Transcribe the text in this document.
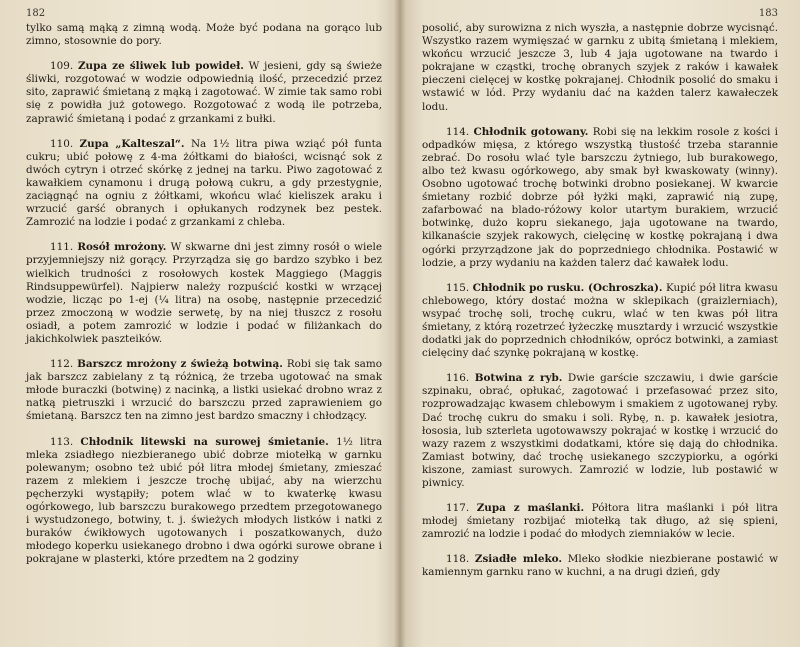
182

tylko samą mąką z zimną wodą. Może być podana na gorąco lub zimno, stosownie do pory.

109. Zupa ze śliwek lub powideł. W jesieni, gdy są świeże śliwki, rozgotować w wodzie odpowiednią ilość, przecedzić przez sito, zaprawić śmietaną z mąką i zagotować. W zimie tak samo robi się z powidła już gotowego. Rozgotować z wodą ile potrzeba, zaprawić śmietaną i podać z grzankami z bułki.

110. Zupa „Kalteszal“. Na 1½ litra piwa wziąć pół funta cukru; ubić połowę z 4-ma żółtkami do białości, wcisnąć sok z dwóch cytryn i otrzeć skórkę z jednej na tarku. Piwo zagotować z kawałkiem cynamonu i drugą połową cukru, a gdy przestygnie, zaciągnąć na ogniu z żółtkami, wkońcu wlać kieliszek araku i wrzucić garść obranych i opłukanych rodzynek bez pestek. Zamrozić na lodzie i podać z grzankami z chleba.

111. Rosół mrożony. W skwarne dni jest zimny rosół o wiele przyjemniejszy niż gorący. Przyrządza się go bardzo szybko i bez wielkich trudności z rosołowych kostek Maggiego (Maggis Rindsuppewürfel). Najpierw należy rozpuścić kostki w wrzącej wodzie, licząc po 1-ej (¼ litra) na osobę, następnie przecedzić przez zmoczoną w wodzie serwetę, by na niej tłuszcz z rosołu osiadł, a potem zamrozić w lodzie i podać w filiżankach do jakichkolwiek paszteików.

112. Barszcz mrożony z świeżą botwiną. Robi się tak samo jak barszcz zabielany z tą różnicą, że trzeba ugotować na smak młode buraczki (botwinę) z nacinką, a listki usiekać drobno wraz z natką pietruszki i wrzucić do barszczu przed zaprawieniem go śmietaną. Barszcz ten na zimno jest bardzo smaczny i chłodzący.

113. Chłodnik litewski na surowej śmietanie. 1½ litra mleka zsiadłego niezbieranego ubić dobrze miotełką w garnku polewanym; osobno też ubić pół litra młodej śmietany, zmieszać razem z mlekiem i jeszcze trochę ubijać, aby na wierzchu pęcherzyki wystąpiły; potem wlać w to kwaterkę kwasu ogórkowego, lub barszczu burakowego przedtem przegotowanego i wystudzonego, botwiny, t. j. świeżych młodych listków i natki z buraków ćwikłowych ugotowanych i poszatkowanych, dużo młodego koperku usiekanego drobno i dwa ogórki surowe obrane i pokrajane w plasterki, które przedtem na 2 godziny

183

posolić, aby surowizna z nich wyszła, a następnie dobrze wycisnąć. Wszystko razem wymięszać w garnku z ubitą śmietaną i mlekiem, wkońcu wrzucić jeszcze 3, lub 4 jaja ugotowane na twardo i pokrajane w cząstki, trochę obranych szyjek z raków i kawałek pieczeni cielęcej w kostkę pokrajanej. Chłodnik posolić do smaku i wstawić w lód. Przy wydaniu dać na każden talerz kawałeczek lodu.

114. Chłodnik gotowany. Robi się na lekkim rosole z kości i odpadków mięsa, z którego wszystką tłustość trzeba starannie zebrać. Do rosołu wlać tyle barszczu żytniego, lub burakowego, albo też kwasu ogórkowego, aby smak był kwaskowaty (winny). Osobno ugotować trochę botwinki drobno posiekanej. W kwarcie śmietany rozbić dobrze pół łyżki mąki, zaprawić nią zupę, zafarbować na blado-różowy kolor utartym burakiem, wrzucić botwinkę, dużo kopru siekanego, jaja ugotowane na twardo, kilkanaście szyjek rakowych, cielęcinę w kostkę pokrajaną i dwa ogórki przyrządzone jak do poprzedniego chłodnika. Postawić w lodzie, a przy wydaniu na każden talerz dać kawałek lodu.

115. Chłodnik po rusku. (Ochroszka). Kupić pół litra kwasu chlebowego, który dostać można w sklepikach (graizlerniach), wsypać trochę soli, trochę cukru, wlać w ten kwas pół litra śmietany, z którą rozetrzeć łyżeczkę musztardy i wrzucić wszystkie dodatki jak do poprzednich chłodników, oprócz botwinki, a zamiast cielęciny dać szynkę pokrajaną w kostkę.

116. Botwina z ryb. Dwie garście szczawiu, i dwie garście szpinaku, obrać, opłukać, zagotować i przefasować przez sito, rozprowadzając kwasem chlebowym i smakiem z ugotowanej ryby. Dać trochę cukru do smaku i soli. Rybę, n. p. kawałek jesiotra, łososia, lub szterleta ugotowawszy pokrajać w kostkę i wrzucić do wazy razem z wszystkimi dodatkami, które się dają do chłodnika. Zamiast botwiny, dać trochę usiekanego szczypiorku, a ogórki kiszone, zamiast surowych. Zamrozić w lodzie, lub postawić w piwnicy.

117. Zupa z maślanki. Półtora litra maślanki i pół litra młodej śmietany rozbijać miotełką tak długo, aż się spieni, zamrozić na lodzie i podać do młodych ziemniaków w lecie.

118. Zsiadłe mleko. Mleko słodkie niezbierane postawić w kamiennym garnku rano w kuchni, a na drugi dzień, gdy
